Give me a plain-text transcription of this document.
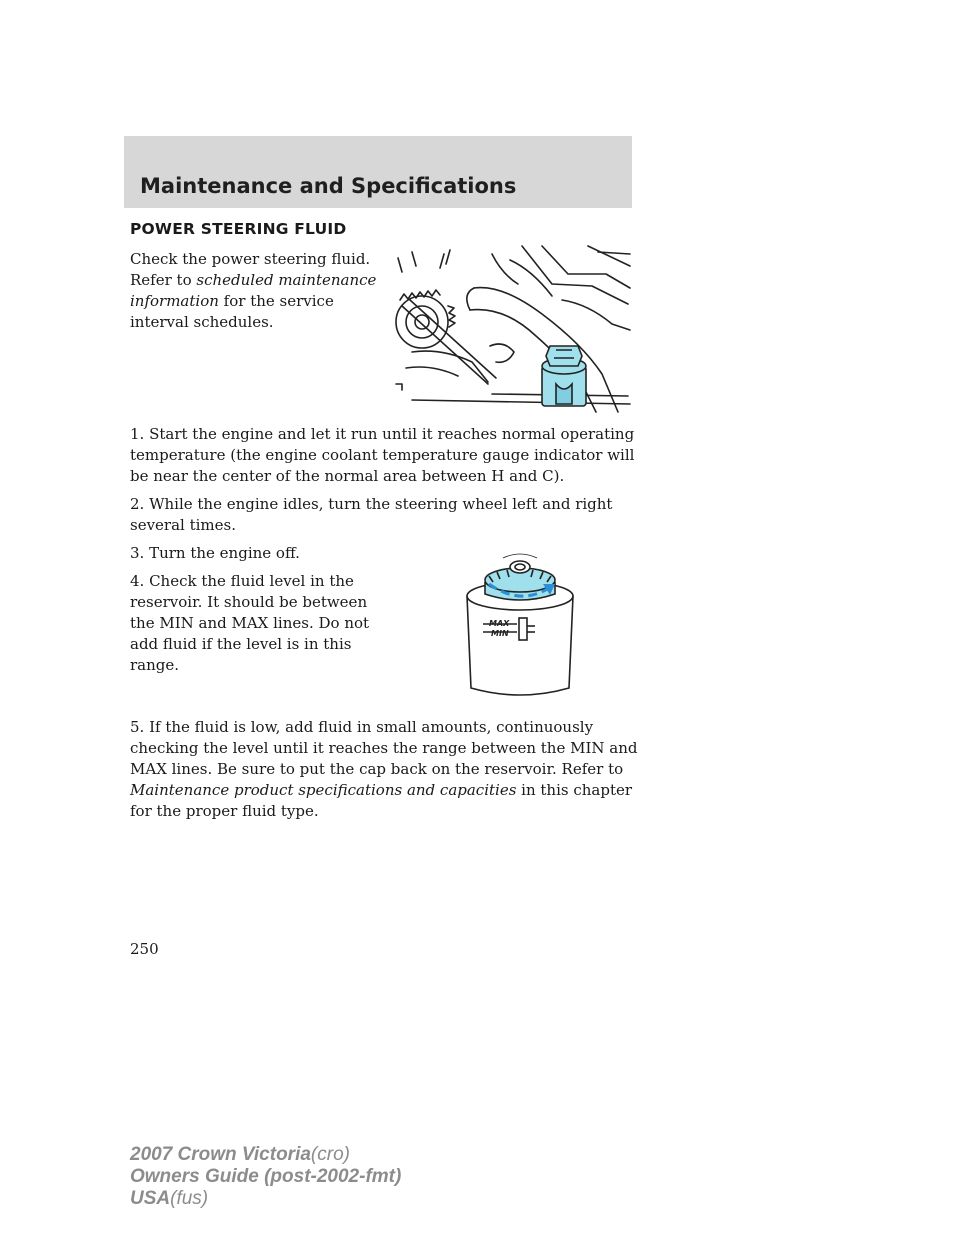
Maintenance and Specifications
POWER STEERING FLUID

Check the power steering fluid. Refer to scheduled maintenance information for the service interval schedules.

1. Start the engine and let it run until it reaches normal operating temperature (the engine coolant temperature gauge indicator will be near the center of the normal area between H and C).

2. While the engine idles, turn the steering wheel left and right several times.

3. Turn the engine off.

4. Check the fluid level in the reservoir. It should be between the MIN and MAX lines. Do not add fluid if the level is in this range.

MAX
MIN

5. If the fluid is low, add fluid in small amounts, continuously checking the level until it reaches the range between the MIN and MAX lines. Be sure to put the cap back on the reservoir. Refer to Maintenance product specifications and capacities in this chapter for the proper fluid type.

250
2007 Crown Victoria(cro)
Owners Guide (post-2002-fmt)
USA(fus)
